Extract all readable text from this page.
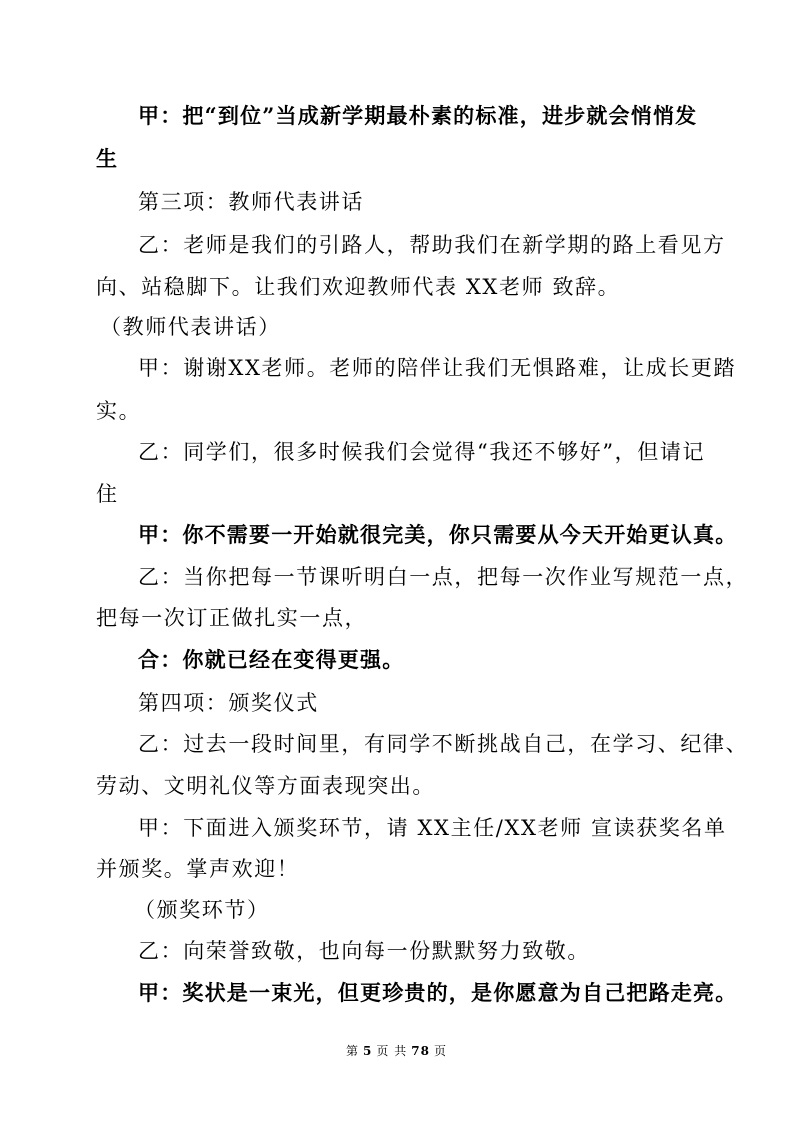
甲：把“到位”当成新学期最朴素的标准，进步就会悄悄发
生
第三项：教师代表讲话
乙：老师是我们的引路人，帮助我们在新学期的路上看见方
向、站稳脚下。让我们欢迎教师代表 XX老师 致辞。
（教师代表讲话）
甲：谢谢XX老师。老师的陪伴让我们无惧路难，让成长更踏
实。
乙：同学们，很多时候我们会觉得“我还不够好”，但请记
住
甲：你不需要一开始就很完美，你只需要从今天开始更认真。
乙：当你把每一节课听明白一点，把每一次作业写规范一点，
把每一次订正做扎实一点，
合：你就已经在变得更强。
第四项：颁奖仪式
乙：过去一段时间里，有同学不断挑战自己，在学习、纪律、
劳动、文明礼仪等方面表现突出。
甲：下面进入颁奖环节，请 XX主任/XX老师 宣读获奖名单
并颁奖。掌声欢迎！
（颁奖环节）
乙：向荣誉致敬，也向每一份默默努力致敬。
甲：奖状是一束光，但更珍贵的，是你愿意为自己把路走亮。
第 5 页 共 78 页
